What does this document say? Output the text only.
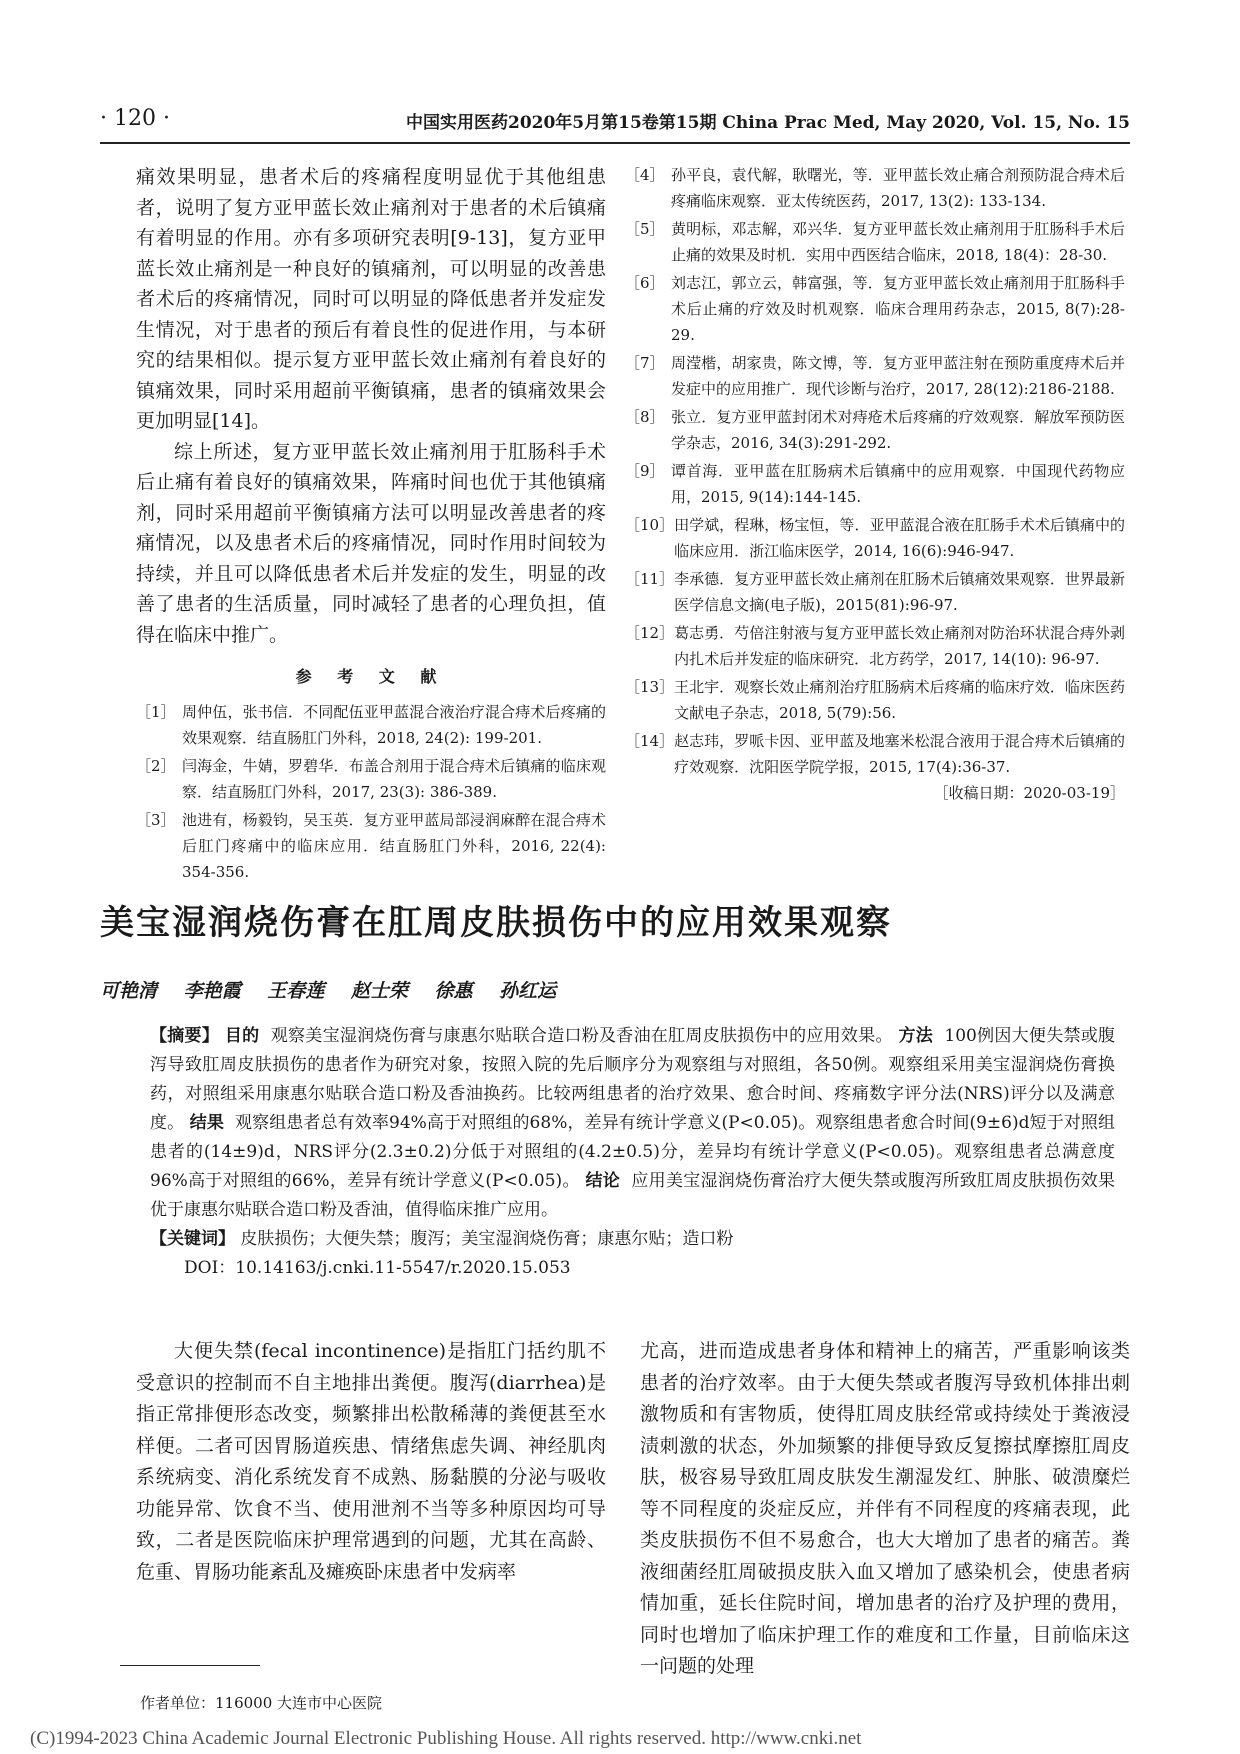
· 120 ·	中国实用医药2020年5月第15卷第15期 China Prac Med, May 2020, Vol. 15, No. 15

痛效果明显，患者术后的疼痛程度明显优于其他组患者，说明了复方亚甲蓝长效止痛剂对于患者的术后镇痛有着明显的作用。亦有多项研究表明[9-13]，复方亚甲蓝长效止痛剂是一种良好的镇痛剂，可以明显的改善患者术后的疼痛情况，同时可以明显的降低患者并发症发生情况，对于患者的预后有着良性的促进作用，与本研究的结果相似。提示复方亚甲蓝长效止痛剂有着良好的镇痛效果，同时采用超前平衡镇痛，患者的镇痛效果会更加明显[14]。

综上所述，复方亚甲蓝长效止痛剂用于肛肠科手术后止痛有着良好的镇痛效果，阵痛时间也优于其他镇痛剂，同时采用超前平衡镇痛方法可以明显改善患者的疼痛情况，以及患者术后的疼痛情况，同时作用时间较为持续，并且可以降低患者术后并发症的发生，明显的改善了患者的生活质量，同时减轻了患者的心理负担，值得在临床中推广。

参 考 文 献
［1］ 周仲伍，张书信．不同配伍亚甲蓝混合液治疗混合痔术后疼痛的效果观察．结直肠肛门外科，2018, 24(2): 199-201.
［2］ 闫海金，牛婧，罗碧华．布盖合剂用于混合痔术后镇痛的临床观察．结直肠肛门外科，2017, 23(3): 386-389.
［3］ 池进有，杨毅钧，吴玉英．复方亚甲蓝局部浸润麻醉在混合痔术后肛门疼痛中的临床应用．结直肠肛门外科，2016, 22(4): 354-356.
［4］ 孙平良，袁代解，耿曙光，等．亚甲蓝长效止痛合剂预防混合痔术后疼痛临床观察．亚太传统医药，2017, 13(2): 133-134.
［5］ 黄明标，邓志解，邓兴华．复方亚甲蓝长效止痛剂用于肛肠科手术后止痛的效果及时机．实用中西医结合临床，2018, 18(4)：28-30.
［6］ 刘志江，郭立云，韩富强，等．复方亚甲蓝长效止痛剂用于肛肠科手术后止痛的疗效及时机观察．临床合理用药杂志，2015, 8(7):28-29.
［7］ 周滢楷，胡家贵，陈文博，等．复方亚甲蓝注射在预防重度痔术后并发症中的应用推广．现代诊断与治疗，2017, 28(12):2186-2188.
［8］ 张立．复方亚甲蓝封闭术对痔疮术后疼痛的疗效观察．解放军预防医学杂志，2016, 34(3):291-292.
［9］ 谭首海．亚甲蓝在肛肠病术后镇痛中的应用观察．中国现代药物应用，2015, 9(14):144-145.
［10］ 田学斌，程琳，杨宝恒，等．亚甲蓝混合液在肛肠手术术后镇痛中的临床应用．浙江临床医学，2014, 16(6):946-947.
［11］ 李承德．复方亚甲蓝长效止痛剂在肛肠术后镇痛效果观察．世界最新医学信息文摘(电子版)，2015(81):96-97.
［12］ 葛志勇．芍倍注射液与复方亚甲蓝长效止痛剂对防治环状混合痔外剥内扎术后并发症的临床研究．北方药学，2017, 14(10): 96-97.
［13］ 王北宇．观察长效止痛剂治疗肛肠病术后疼痛的临床疗效．临床医药文献电子杂志，2018, 5(79):56.
［14］ 赵志玮，罗哌卡因、亚甲蓝及地塞米松混合液用于混合痔术后镇痛的疗效观察．沈阳医学院学报，2015, 17(4):36-37.
［收稿日期：2020-03-19］
美宝湿润烧伤膏在肛周皮肤损伤中的应用效果观察
可艳清 李艳霞 王春莲 赵士荣 徐惠 孙红运

【摘要】 目的 观察美宝湿润烧伤膏与康惠尔贴联合造口粉及香油在肛周皮肤损伤中的应用效果。 方法 100例因大便失禁或腹泻导致肛周皮肤损伤的患者作为研究对象，按照入院的先后顺序分为观察组与对照组，各50例。观察组采用美宝湿润烧伤膏换药，对照组采用康惠尔贴联合造口粉及香油换药。比较两组患者的治疗效果、愈合时间、疼痛数字评分法(NRS)评分以及满意度。 结果 观察组患者总有效率94%高于对照组的68%，差异有统计学意义(P<0.05)。观察组患者愈合时间(9±6)d短于对照组患者的(14±9)d，NRS评分(2.3±0.2)分低于对照组的(4.2±0.5)分，差异均有统计学意义(P<0.05)。观察组患者总满意度96%高于对照组的66%，差异有统计学意义(P<0.05)。 结论 应用美宝湿润烧伤膏治疗大便失禁或腹泻所致肛周皮肤损伤效果优于康惠尔贴联合造口粉及香油，值得临床推广应用。

【关键词】 皮肤损伤；大便失禁；腹泻；美宝湿润烧伤膏；康惠尔贴；造口粉

DOI：10.14163/j.cnki.11-5547/r.2020.15.053

大便失禁(fecal incontinence)是指肛门括约肌不受意识的控制而不自主地排出粪便。腹泻(diarrhea)是指正常排便形态改变，频繁排出松散稀薄的粪便甚至水样便。二者可因胃肠道疾患、情绪焦虑失调、神经肌肉系统病变、消化系统发育不成熟、肠黏膜的分泌与吸收功能异常、饮食不当、使用泄剂不当等多种原因均可导致，二者是医院临床护理常遇到的问题，尤其在高龄、危重、胃肠功能紊乱及瘫痪卧床患者中发病率

尤高，进而造成患者身体和精神上的痛苦，严重影响该类患者的治疗效率。由于大便失禁或者腹泻导致机体排出刺激物质和有害物质，使得肛周皮肤经常或持续处于粪液浸渍刺激的状态，外加频繁的排便导致反复擦拭摩擦肛周皮肤，极容易导致肛周皮肤发生潮湿发红、肿胀、破溃糜烂等不同程度的炎症反应，并伴有不同程度的疼痛表现，此类皮肤损伤不但不易愈合，也大大增加了患者的痛苦。粪液细菌经肛周破损皮肤入血又增加了感染机会，使患者病情加重，延长住院时间，增加患者的治疗及护理的费用，同时也增加了临床护理工作的难度和工作量，目前临床这一问题的处理

作者单位：116000 大连市中心医院
(C)1994-2023 China Academic Journal Electronic Publishing House. All rights reserved. http://www.cnki.net
